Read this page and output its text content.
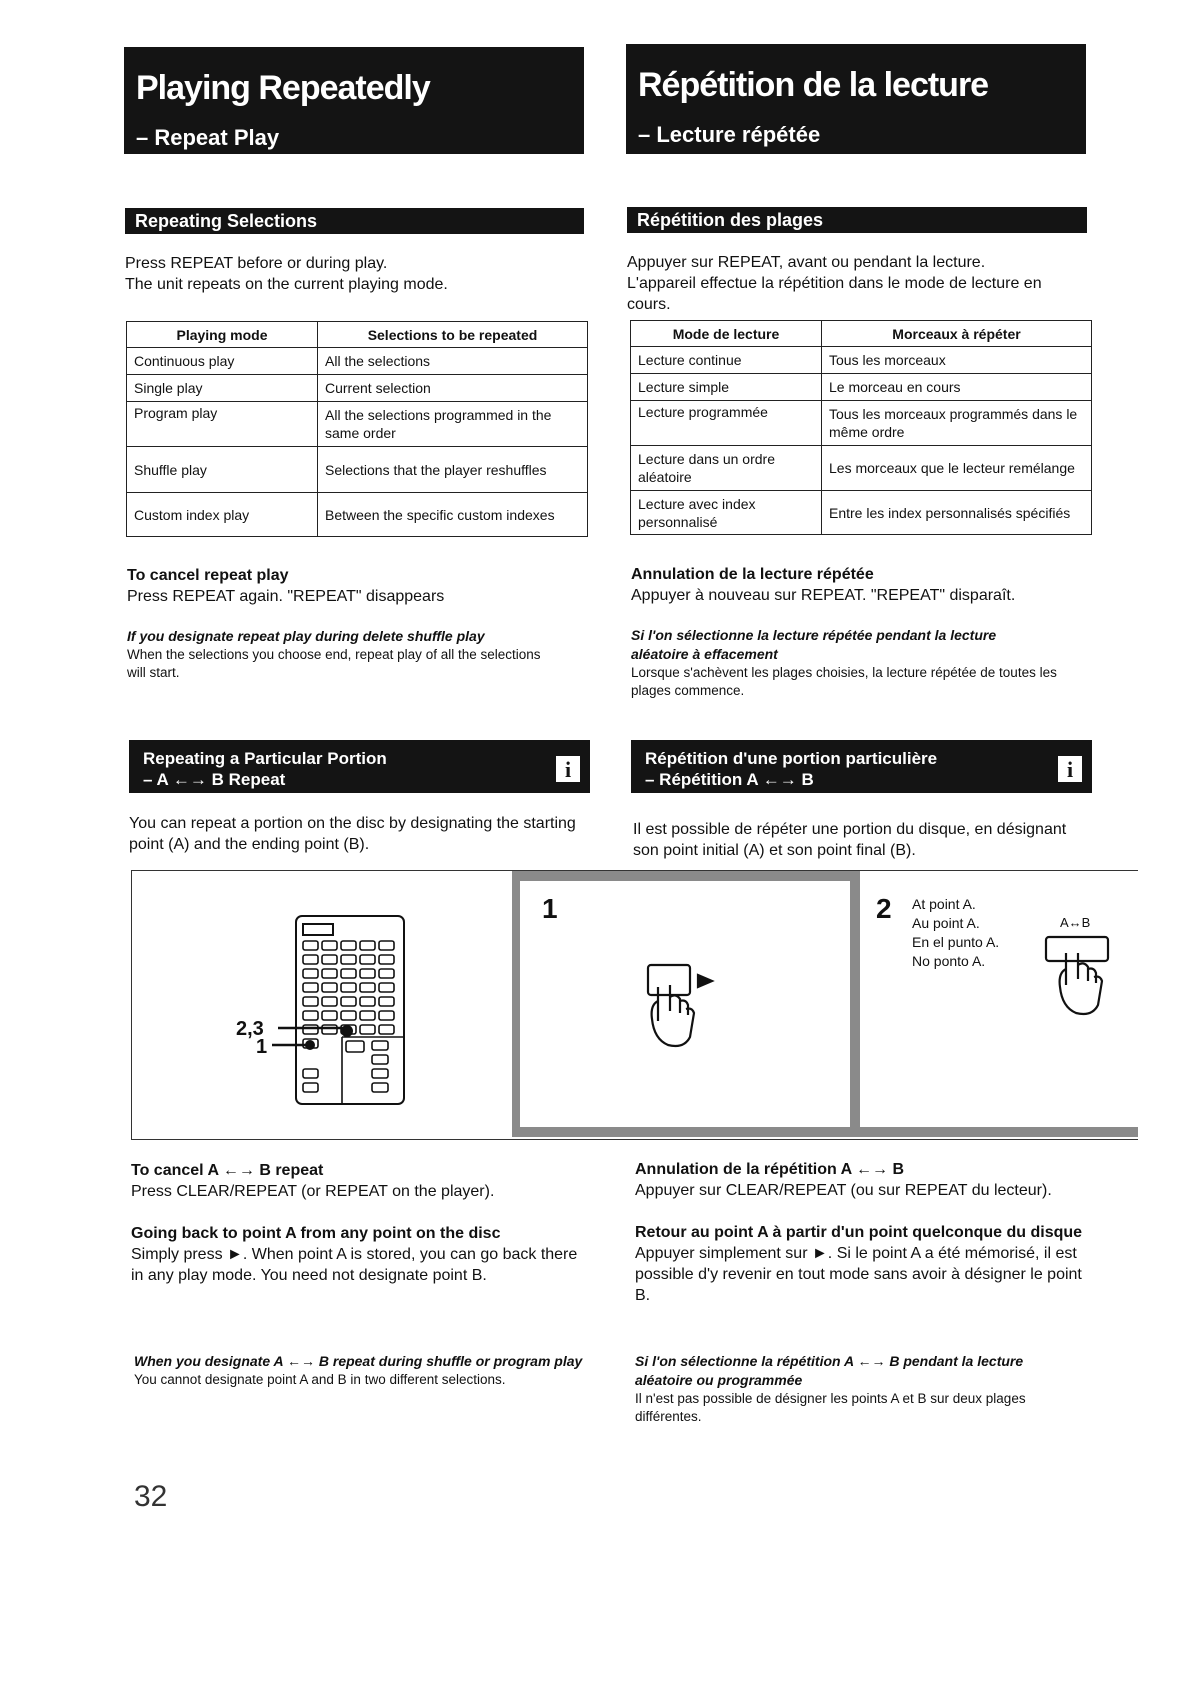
Playing Repeatedly
– Repeat Play
Répétition de la lecture
– Lecture répétée
Repeating Selections	Répétition des plages

Press REPEAT before or during play.

The unit repeats on the current playing mode.

Appuyer sur REPEAT, avant ou pendant la lecture.

L'appareil effectue la répétition dans le mode de lecture en cours.

Playing mode	Selections to be repeated
Continuous play	All the selections
Single play	Current selection
Program play	All the selections programmed in the same order
Shuffle play	Selections that the player reshuffles
Custom index play	Between the specific custom indexes
Mode de lecture	Morceaux à répéter
Lecture continue	Tous les morceaux
Lecture simple	Le morceau en cours
Lecture programmée	Tous les morceaux programmés dans le même ordre
Lecture dans un ordre aléatoire	Les morceaux que le lecteur remélange
Lecture avec index personnalisé	Entre les index personnalisés spécifiés

To cancel repeat play

Press REPEAT again. "REPEAT" disappears

If you designate repeat play during delete shuffle play

When the selections you choose end, repeat play of all the selections will start.

Annulation de la lecture répétée

Appuyer à nouveau sur REPEAT. "REPEAT" disparaît.

Si l'on sélectionne la lecture répétée pendant la lecture aléatoire à effacement

Lorsque s'achèvent les plages choisies, la lecture répétée de toutes les plages commence.

Repeating a Particular Portion
– A ←→ B Repeat	i	Répétition d'une portion particulière
– Répétition A ←→ B	i
You can repeat a portion on the disc by designating the starting point (A) and the ending point (B).
Il est possible de répéter une portion du disque, en désignant son point initial (A) et son point final (B).
2,3
1
1	2 At point A.
Au point A.
En el punto A.
No ponto A.
A↔B

To cancel A ←→ B repeat

Press CLEAR/REPEAT (or REPEAT on the player).

Going back to point A from any point on the disc

Simply press ►. When point A is stored, you can go back there in any play mode. You need not designate point B.

When you designate A ←→ B repeat during shuffle or program play

You cannot designate point A and B in two different selections.

Annulation de la répétition A ←→ B

Appuyer sur CLEAR/REPEAT (ou sur REPEAT du lecteur).

Retour au point A à partir d'un point quelconque du disque

Appuyer simplement sur ►. Si le point A a été mémorisé, il est possible d'y revenir en tout mode sans avoir à désigner le point B.

Si l'on sélectionne la répétition A ←→ B pendant la lecture aléatoire ou programmée

Il n'est pas possible de désigner les points A et B sur deux plages différentes.

32
